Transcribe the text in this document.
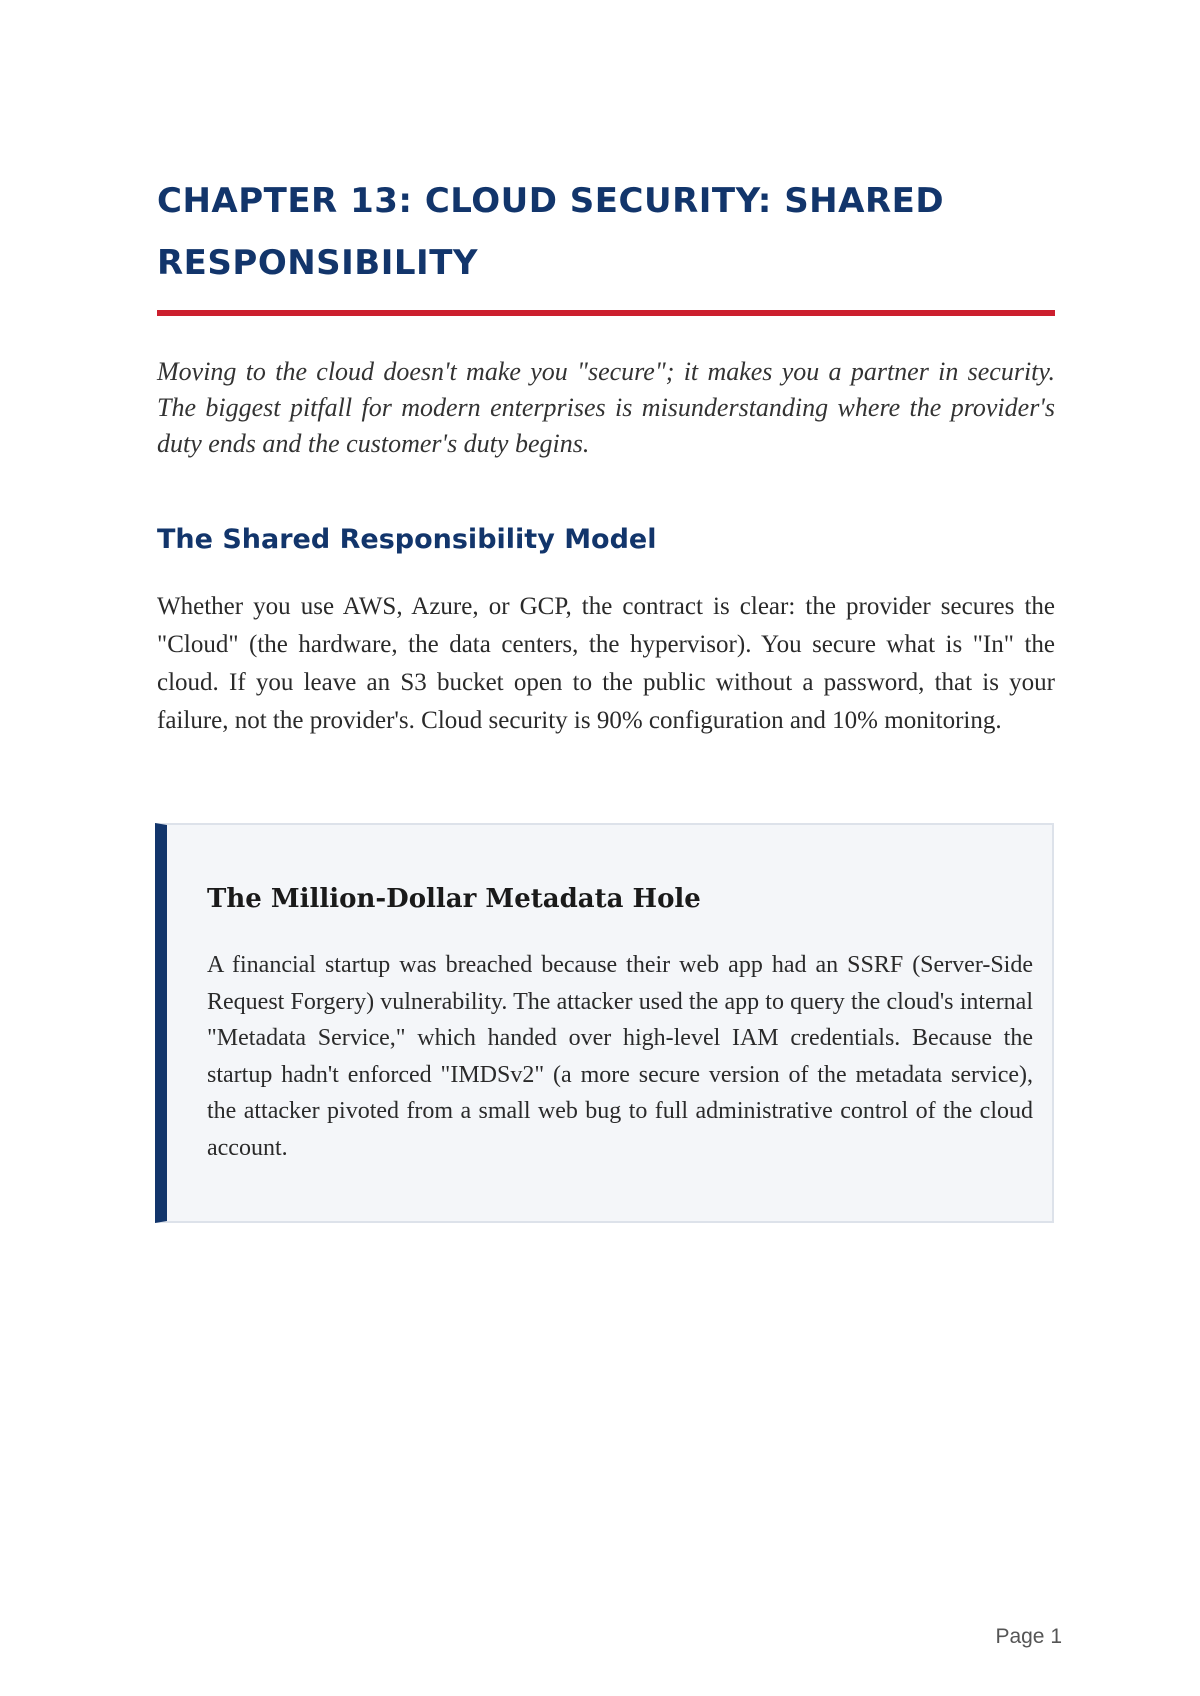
CHAPTER 13: CLOUD SECURITY: SHARED RESPONSIBILITY

Moving to the cloud doesn't make you "secure"; it makes you a partner in security. The biggest pitfall for modern enterprises is misunderstanding where the provider's duty ends and the customer's duty begins.

The Shared Responsibility Model

Whether you use AWS, Azure, or GCP, the contract is clear: the provider secures the "Cloud" (the hardware, the data centers, the hypervisor). You secure what is "In" the cloud. If you leave an S3 bucket open to the public without a password, that is your failure, not the provider's. Cloud security is 90% configuration and 10% monitoring.

The Million-Dollar Metadata Hole

A financial startup was breached because their web app had an SSRF (Server-Side Request Forgery) vulnerability. The attacker used the app to query the cloud's internal "Metadata Service," which handed over high-level IAM credentials. Because the startup hadn't enforced "IMDSv2" (a more secure version of the metadata service), the attacker pivoted from a small web bug to full administrative control of the cloud account.

Page 1
